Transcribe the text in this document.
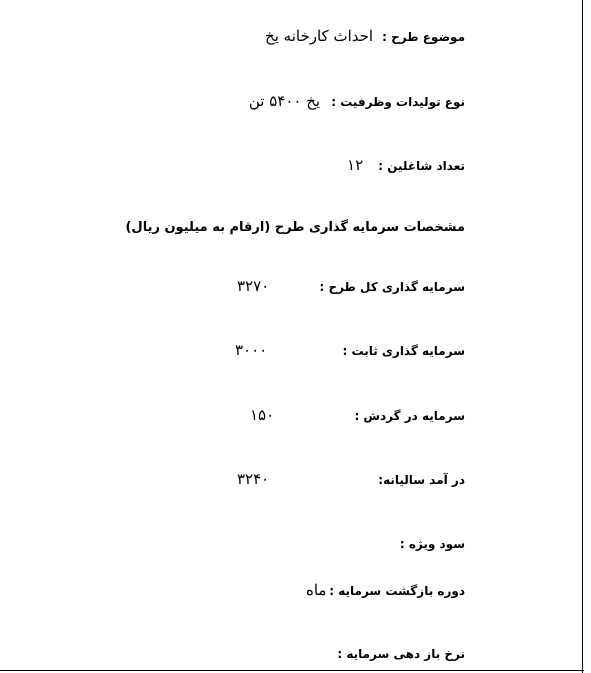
موضوع طرح : احداث کارخانه یخ
نوع تولیدات وظرفیت : یخ ۵۴۰۰ تن
تعداد شاغلین : ۱۲
مشخصات سرمایه گذاری طرح (ارقام به میلیون ریال)
سرمایه گذاری کل طرح :
۳۲۷۰
سرمایه گذاری ثابت :
۳۰۰۰
سرمایه در گردش :
۱۵۰
در آمد سالیانه:
۳۲۴۰
سود ویژه :
دوره بازگشت سرمایه :
ماه
نرخ باز دهی سرمایه :
